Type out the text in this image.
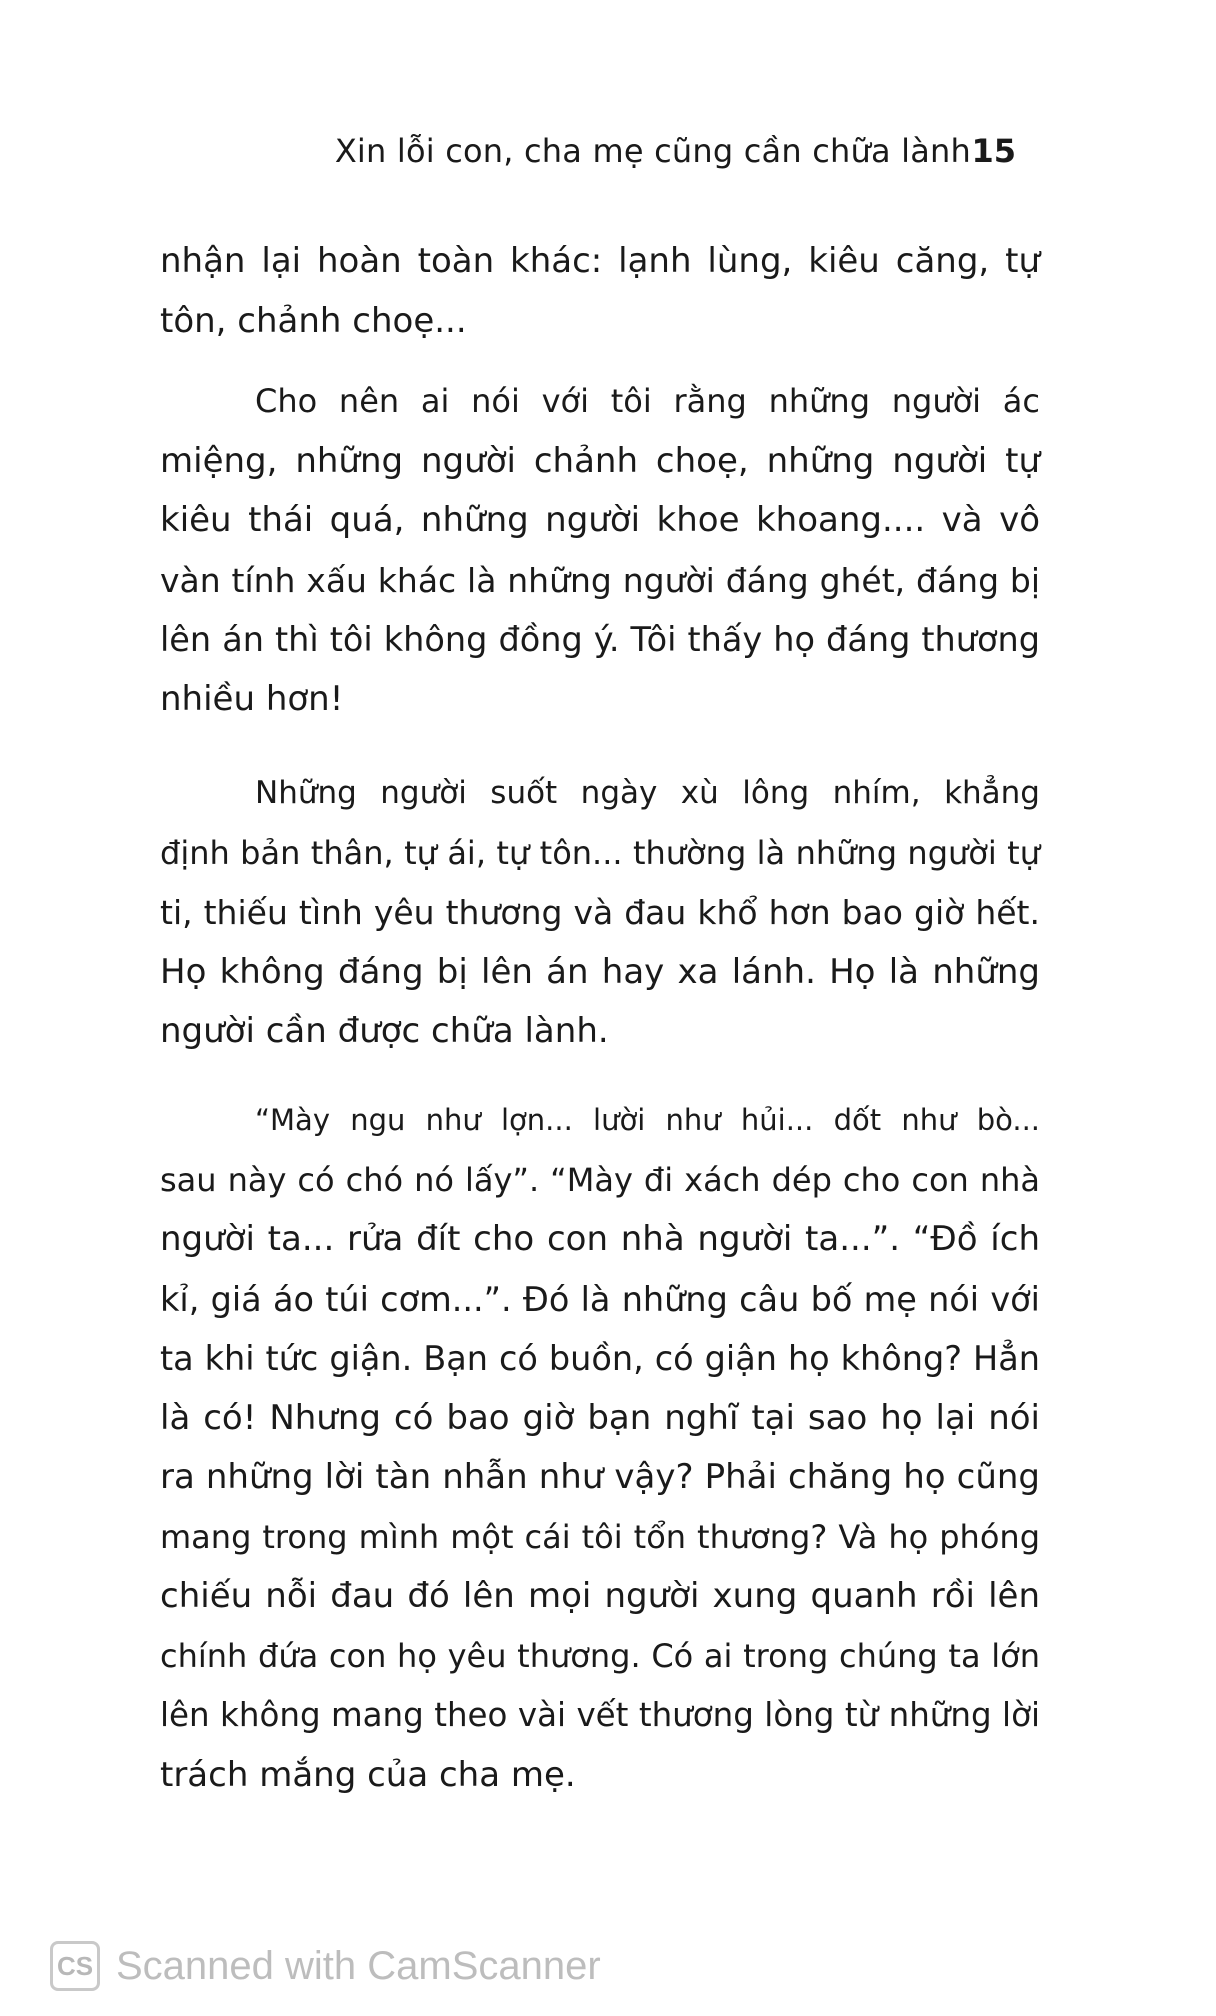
Xin lỗi con, cha mẹ cũng cần chữa lành 15
nhận lại hoàn toàn khác: lạnh lùng, kiêu căng, tự
tôn, chảnh choẹ...
Cho nên ai nói với tôi rằng những người ác
miệng, những người chảnh choẹ, những người tự
kiêu thái quá, những người khoe khoang.... và vô
vàn tính xấu khác là những người đáng ghét, đáng bị
lên án thì tôi không đồng ý. Tôi thấy họ đáng thương
nhiều hơn!
Những người suốt ngày xù lông nhím, khẳng
định bản thân, tự ái, tự tôn... thường là những người tự
ti, thiếu tình yêu thương và đau khổ hơn bao giờ hết.
Họ không đáng bị lên án hay xa lánh. Họ là những
người cần được chữa lành.
“Mày ngu như lợn... lười như hủi... dốt như bò...
sau này có chó nó lấy”. “Mày đi xách dép cho con nhà
người ta... rửa đít cho con nhà người ta...”. “Đồ ích
kỉ, giá áo túi cơm...”. Đó là những câu bố mẹ nói với
ta khi tức giận. Bạn có buồn, có giận họ không? Hẳn
là có! Nhưng có bao giờ bạn nghĩ tại sao họ lại nói
ra những lời tàn nhẫn như vậy? Phải chăng họ cũng
mang trong mình một cái tôi tổn thương? Và họ phóng
chiếu nỗi đau đó lên mọi người xung quanh rồi lên
chính đứa con họ yêu thương. Có ai trong chúng ta lớn
lên không mang theo vài vết thương lòng từ những lời
trách mắng của cha mẹ.
CS Scanned with CamScanner
